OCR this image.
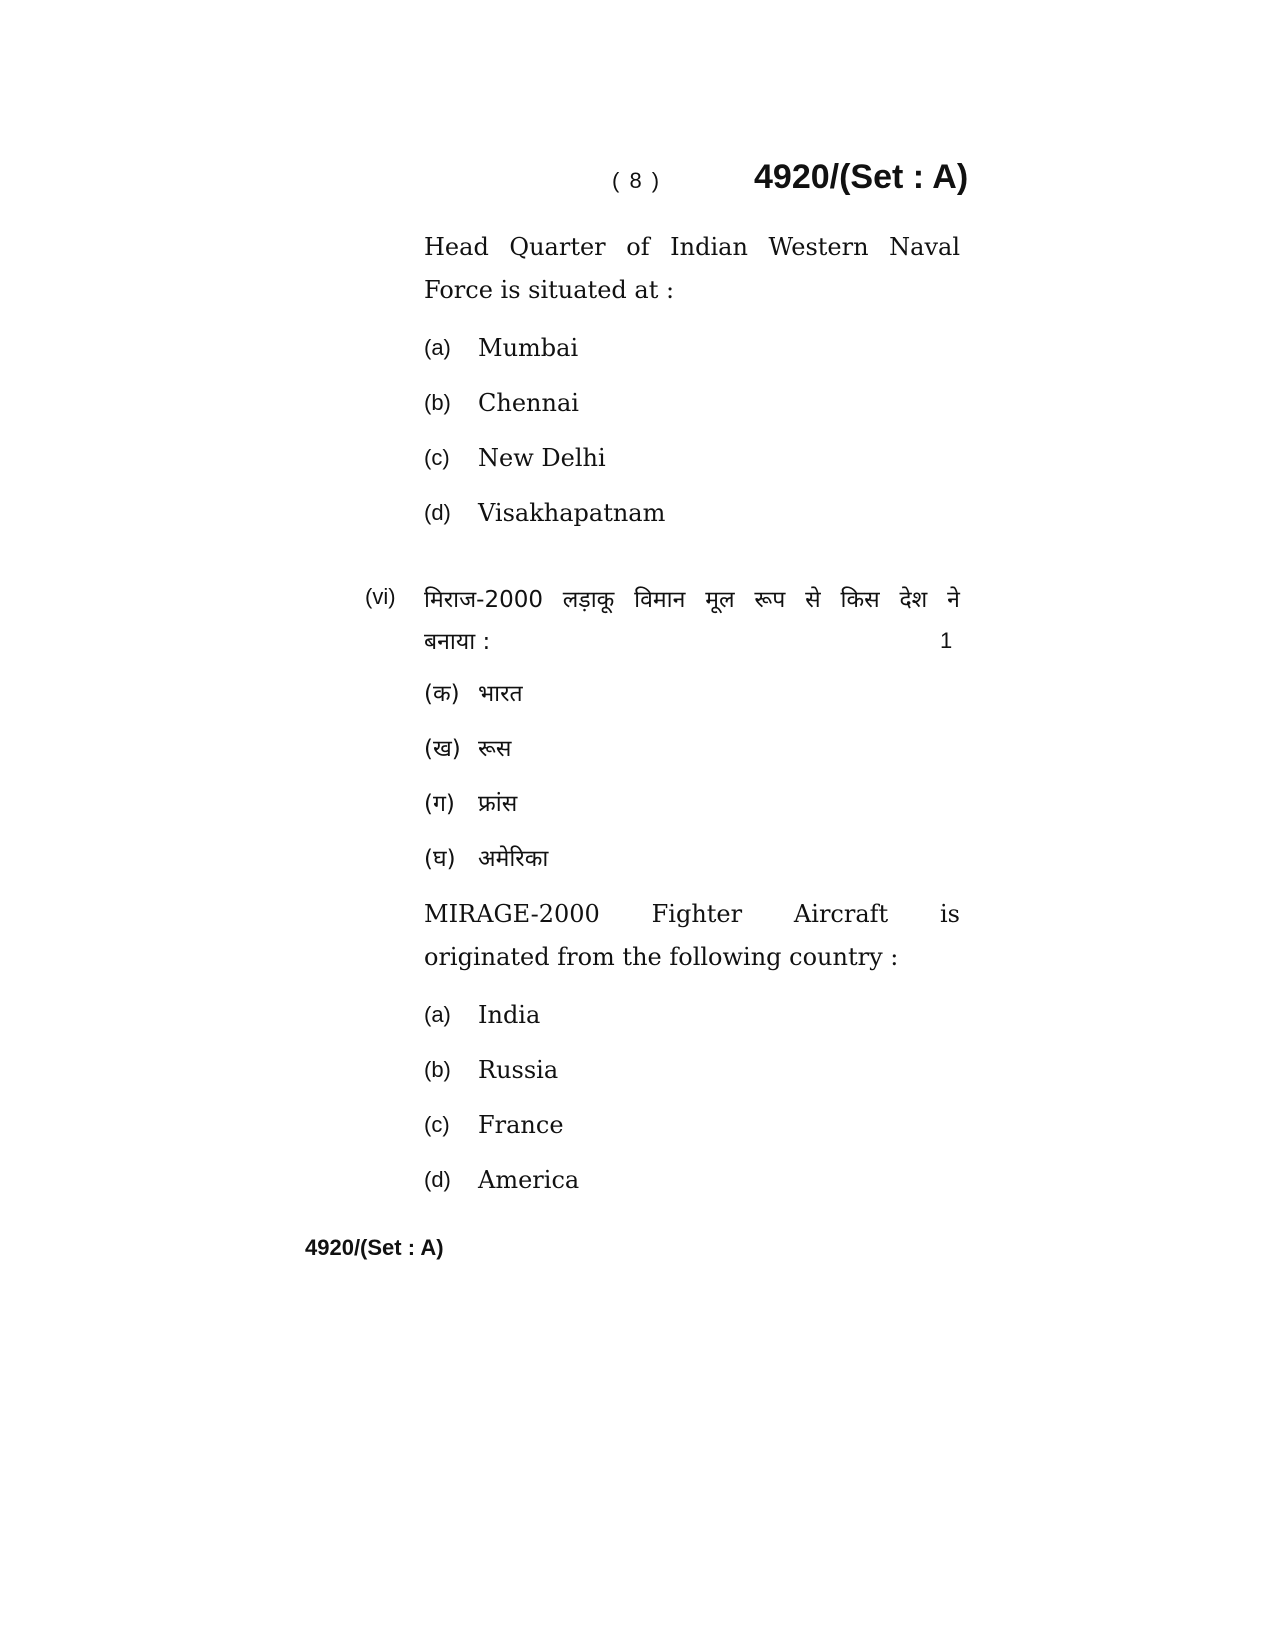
( 8 )	4920/(Set : A)
Head Quarter of Indian Western Naval Force is situated at :
(a)	Mumbai
(b)	Chennai
(c)	New Delhi
(d)	Visakhapatnam
(vi) मिराज-2000 लड़ाकू विमान मूल रूप से किस देश ने
बनाया :	1
(क) भारत
(ख) रूस
(ग)	फ्रांस
(घ) अमेरिका
MIRAGE-2000 Fighter Aircraft is originated from the following country :
(a)	India
(b)	Russia
(c)	France
(d)	America
4920/(Set : A)
